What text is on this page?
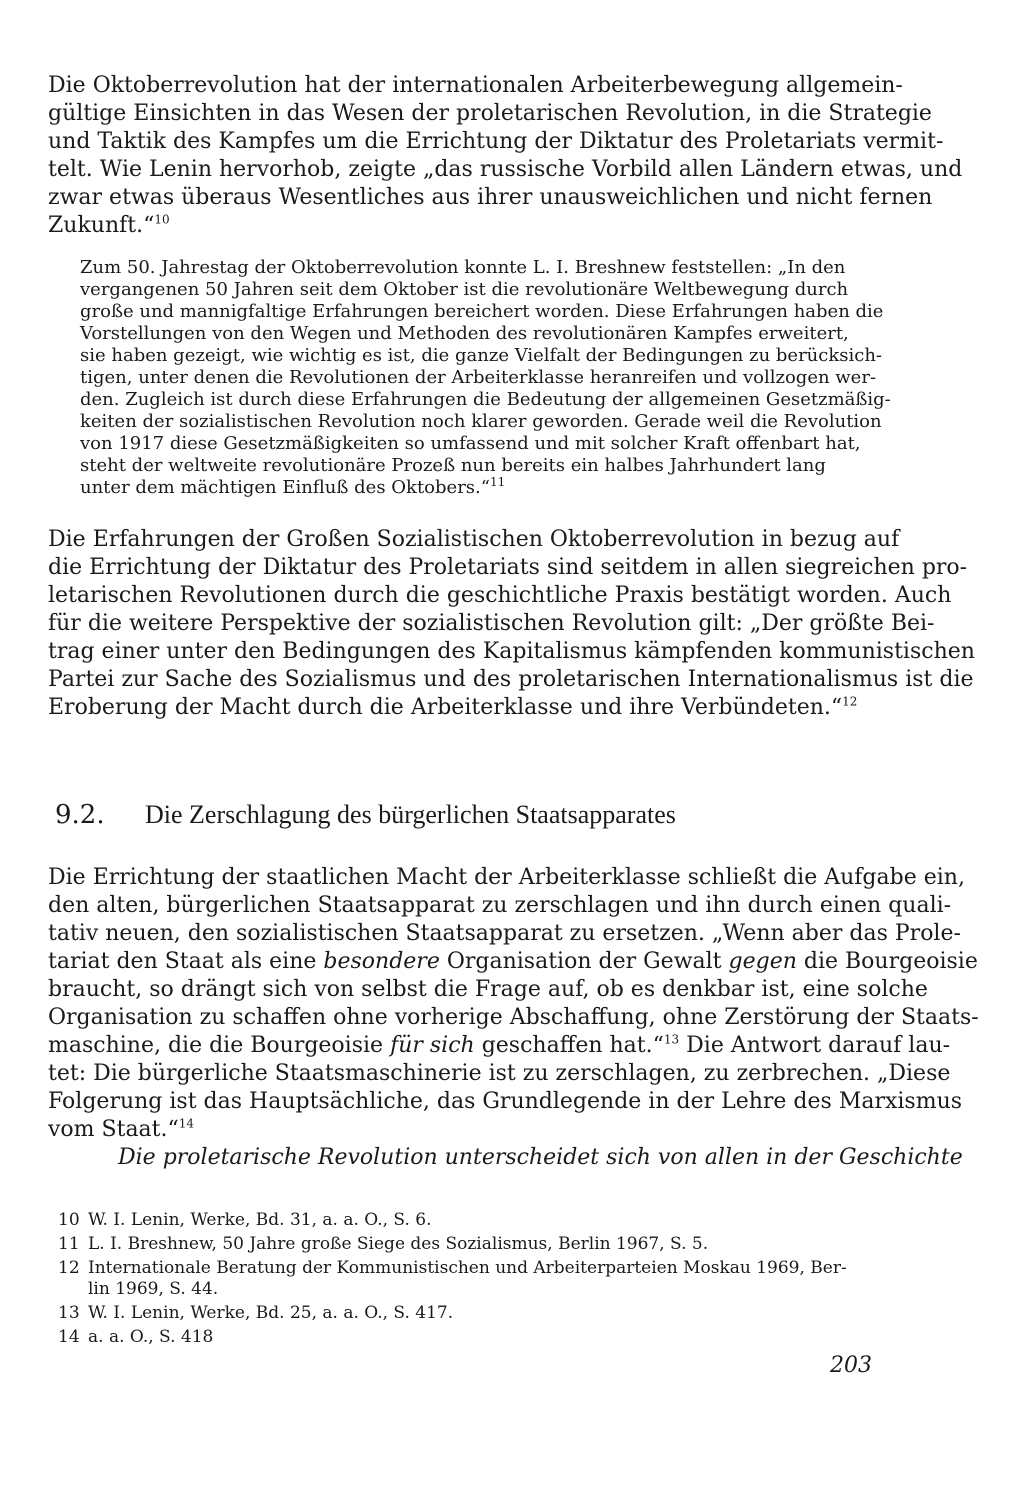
Die Oktoberrevolution hat der internationalen Arbeiterbewegung allgemein-
gültige Einsichten in das Wesen der proletarischen Revolution, in die Strategie
und Taktik des Kampfes um die Errichtung der Diktatur des Proletariats vermit-
telt. Wie Lenin hervorhob, zeigte „das russische Vorbild allen Ländern etwas, und
zwar etwas überaus Wesentliches aus ihrer unausweichlichen und nicht fernen
Zukunft.“$^{10}$
Zum 50. Jahrestag der Oktoberrevolution konnte L. I. Breshnew feststellen: „In den
vergangenen 50 Jahren seit dem Oktober ist die revolutionäre Weltbewegung durch
große und mannigfaltige Erfahrungen bereichert worden. Diese Erfahrungen haben die
Vorstellungen von den Wegen und Methoden des revolutionären Kampfes erweitert,
sie haben gezeigt, wie wichtig es ist, die ganze Vielfalt der Bedingungen zu berücksich-
tigen, unter denen die Revolutionen der Arbeiterklasse heranreifen und vollzogen wer-
den. Zugleich ist durch diese Erfahrungen die Bedeutung der allgemeinen Gesetzmäßig-
keiten der sozialistischen Revolution noch klarer geworden. Gerade weil die Revolution
von 1917 diese Gesetzmäßigkeiten so umfassend und mit solcher Kraft offenbart hat,
steht der weltweite revolutionäre Prozeß nun bereits ein halbes Jahrhundert lang
unter dem mächtigen Einfluß des Oktobers.“$^{11}$
Die Erfahrungen der Großen Sozialistischen Oktoberrevolution in bezug auf
die Errichtung der Diktatur des Proletariats sind seitdem in allen siegreichen pro-
letarischen Revolutionen durch die geschichtliche Praxis bestätigt worden. Auch
für die weitere Perspektive der sozialistischen Revolution gilt: „Der größte Bei-
trag einer unter den Bedingungen des Kapitalismus kämpfenden kommunistischen
Partei zur Sache des Sozialismus und des proletarischen Internationalismus ist die
Eroberung der Macht durch die Arbeiterklasse und ihre Verbündeten.“$^{12}$
9.2. Die Zerschlagung des bürgerlichen Staatsapparates
Die Errichtung der staatlichen Macht der Arbeiterklasse schließt die Aufgabe ein,
den alten, bürgerlichen Staatsapparat zu zerschlagen und ihn durch einen quali-
tativ neuen, den sozialistischen Staatsapparat zu ersetzen. „Wenn aber das Prole-
tariat den Staat als eine besondere Organisation der Gewalt gegen die Bourgeoisie
braucht, so drängt sich von selbst die Frage auf, ob es denkbar ist, eine solche
Organisation zu schaffen ohne vorherige Abschaffung, ohne Zerstörung der Staats-
maschine, die die Bourgeoisie für sich geschaffen hat.“$^{13}$ Die Antwort darauf lau-
tet: Die bürgerliche Staatsmaschinerie ist zu zerschlagen, zu zerbrechen. „Diese
Folgerung ist das Hauptsächliche, das Grundlegende in der Lehre des Marxismus
vom Staat.“$^{14}$
Die proletarische Revolution unterscheidet sich von allen in der Geschichte
10 W. I. Lenin, Werke, Bd. 31, a. a. O., S. 6.
11 L. I. Breshnew, 50 Jahre große Siege des Sozialismus, Berlin 1967, S. 5.
12 Internationale Beratung der Kommunistischen und Arbeiterparteien Moskau 1969, Ber-
lin 1969, S. 44.
13 W. I. Lenin, Werke, Bd. 25, a. a. O., S. 417.
14 a. a. O., S. 418
203
